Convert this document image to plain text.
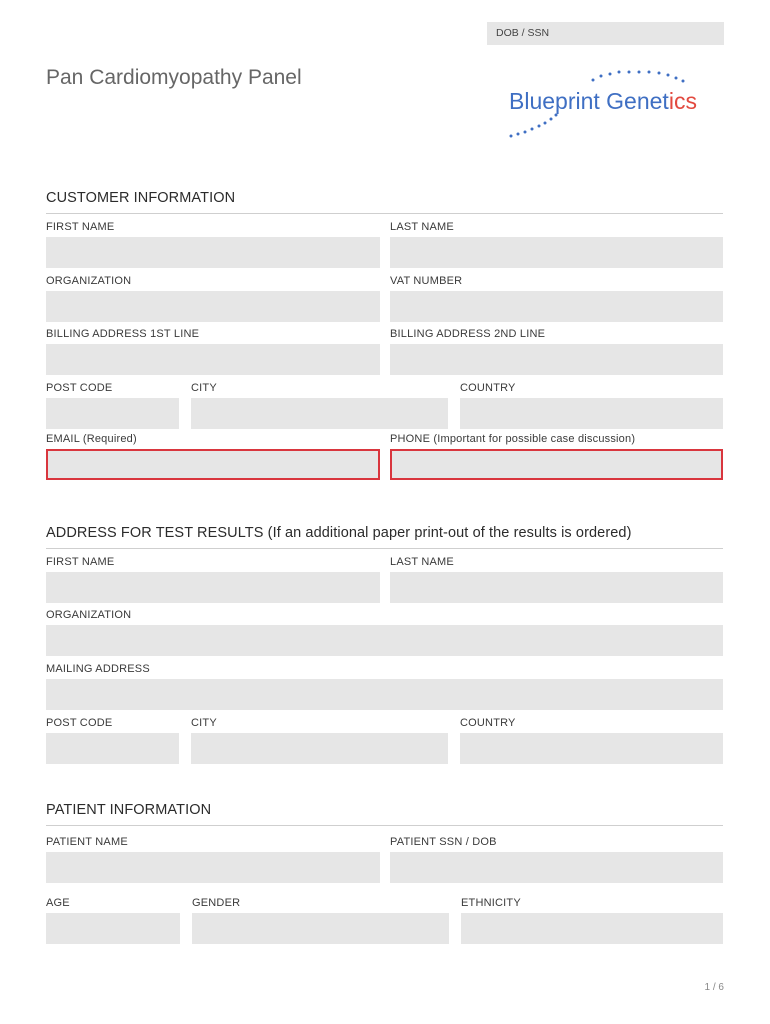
DOB / SSN
Pan Cardiomyopathy Panel
Blueprint Genetics
CUSTOMER INFORMATION
FIRST NAME	LAST NAME
ORGANIZATION	VAT NUMBER
BILLING ADDRESS 1ST LINE	BILLING ADDRESS 2ND LINE
POST CODE	CITY	COUNTRY
EMAIL (Required)	PHONE (Important for possible case discussion)
ADDRESS FOR TEST RESULTS (If an additional paper print-out of the results is ordered)
FIRST NAME	LAST NAME
ORGANIZATION
MAILING ADDRESS
POST CODE	CITY	COUNTRY
PATIENT INFORMATION
PATIENT NAME	PATIENT SSN / DOB
AGE	GENDER	ETHNICITY
1 / 6
